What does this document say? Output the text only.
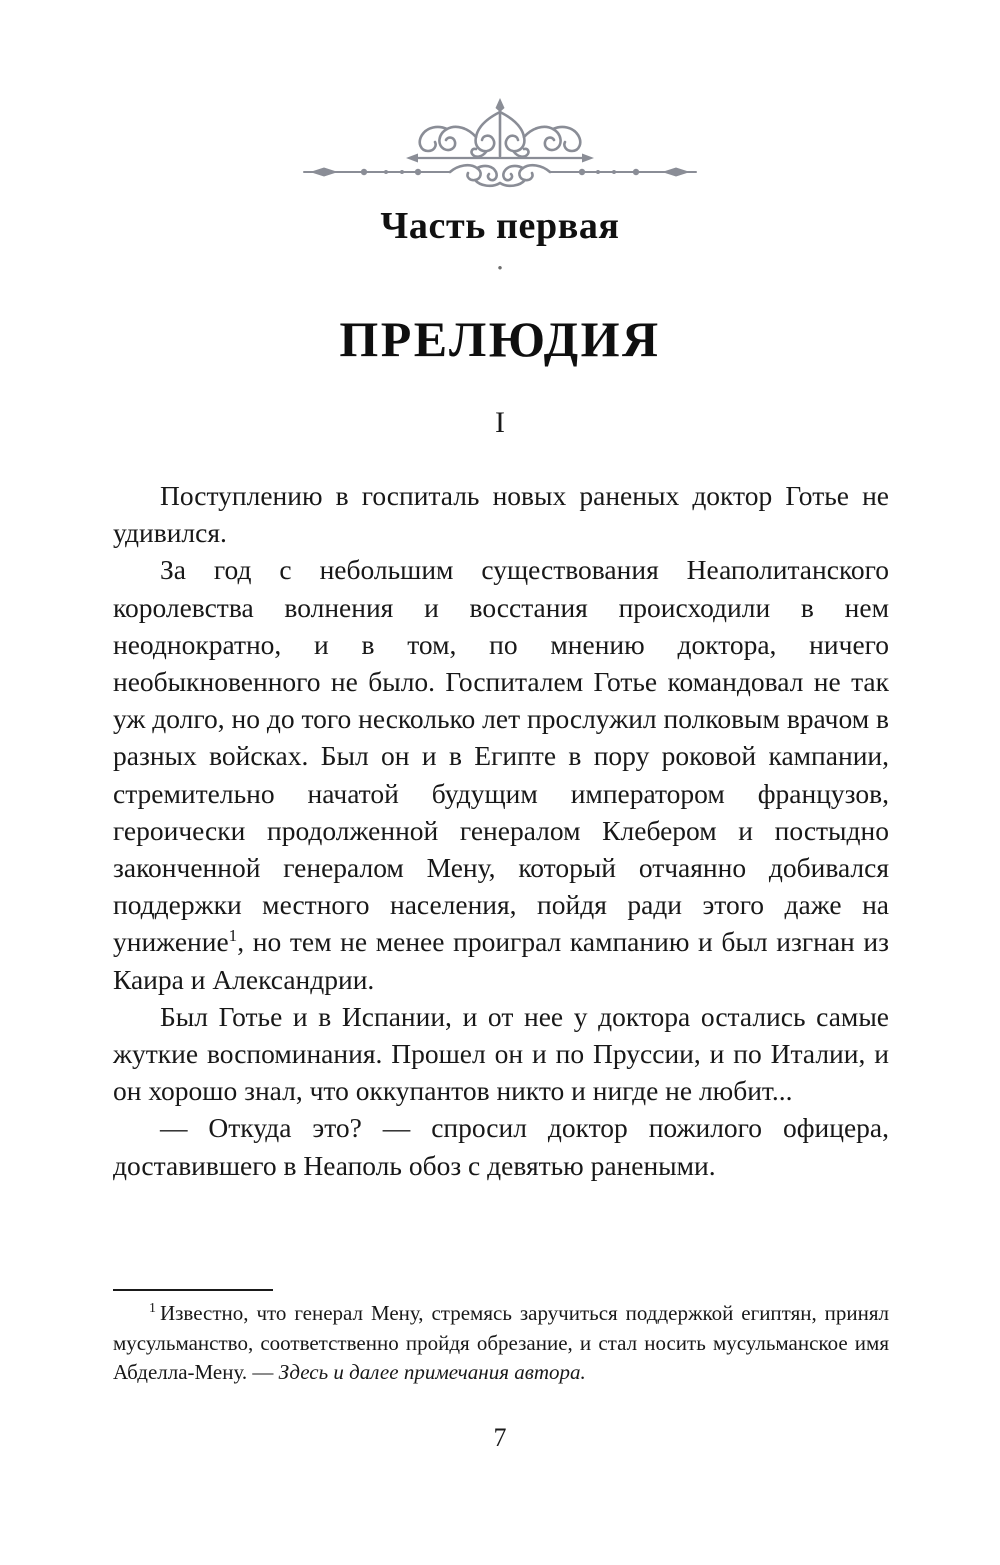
Часть первая
•
ПРЕЛЮДИЯ
I

Поступлению в госпиталь новых раненых доктор Готье не удивился.

За год с небольшим существования Неаполитанского королевства волнения и восстания происходили в нем неоднократно, и в том, по мнению доктора, ничего необыкновенного не было. Госпиталем Готье командовал не так уж долго, но до того несколько лет прослужил полковым врачом в разных войсках. Был он и в Египте в пору роковой кампании, стремительно начатой будущим императором французов, героически продолженной генералом Клебером и постыдно законченной генералом Мену, который отчаянно добивался поддержки местного населения, пойдя ради этого даже на унижение$^1$, но тем не менее проиграл кампанию и был изгнан из Каира и Александрии.

Был Готье и в Испании, и от нее у доктора остались самые жуткие воспоминания. Прошел он и по Пруссии, и по Италии, и он хорошо знал, что оккупантов никто и нигде не любит...

— Откуда это? — спросил доктор пожилого офицера, доставившего в Неаполь обоз с девятью ранеными.

$^1$ Известно, что генерал Мену, стремясь заручиться поддержкой египтян, принял мусульманство, соответственно пройдя обрезание, и стал носить мусульманское имя Абделла-Мену. — Здесь и далее примечания автора.

7
